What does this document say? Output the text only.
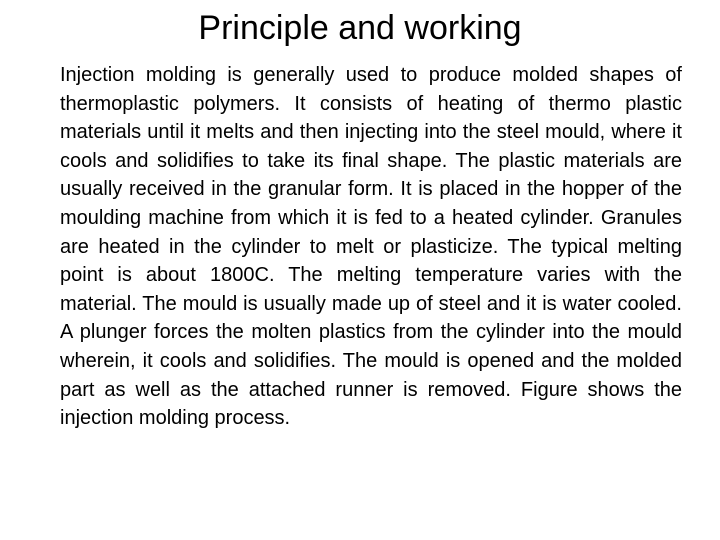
Principle and working

Injection molding is generally used to produce molded shapes of thermoplastic polymers. It consists of heating of thermo plastic materials until it melts and then injecting into the steel mould, where it cools and solidifies to take its final shape. The plastic materials are usually received in the granular form. It is placed in the hopper of the moulding machine from which it is fed to a heated cylinder. Granules are heated in the cylinder to melt or plasticize. The typical melting point is about 1800C. The melting temperature varies with the material. The mould is usually made up of steel and it is water cooled. A plunger forces the molten plastics from the cylinder into the mould wherein, it cools and solidifies. The mould is opened and the molded part as well as the attached runner is removed. Figure shows the injection molding process.
